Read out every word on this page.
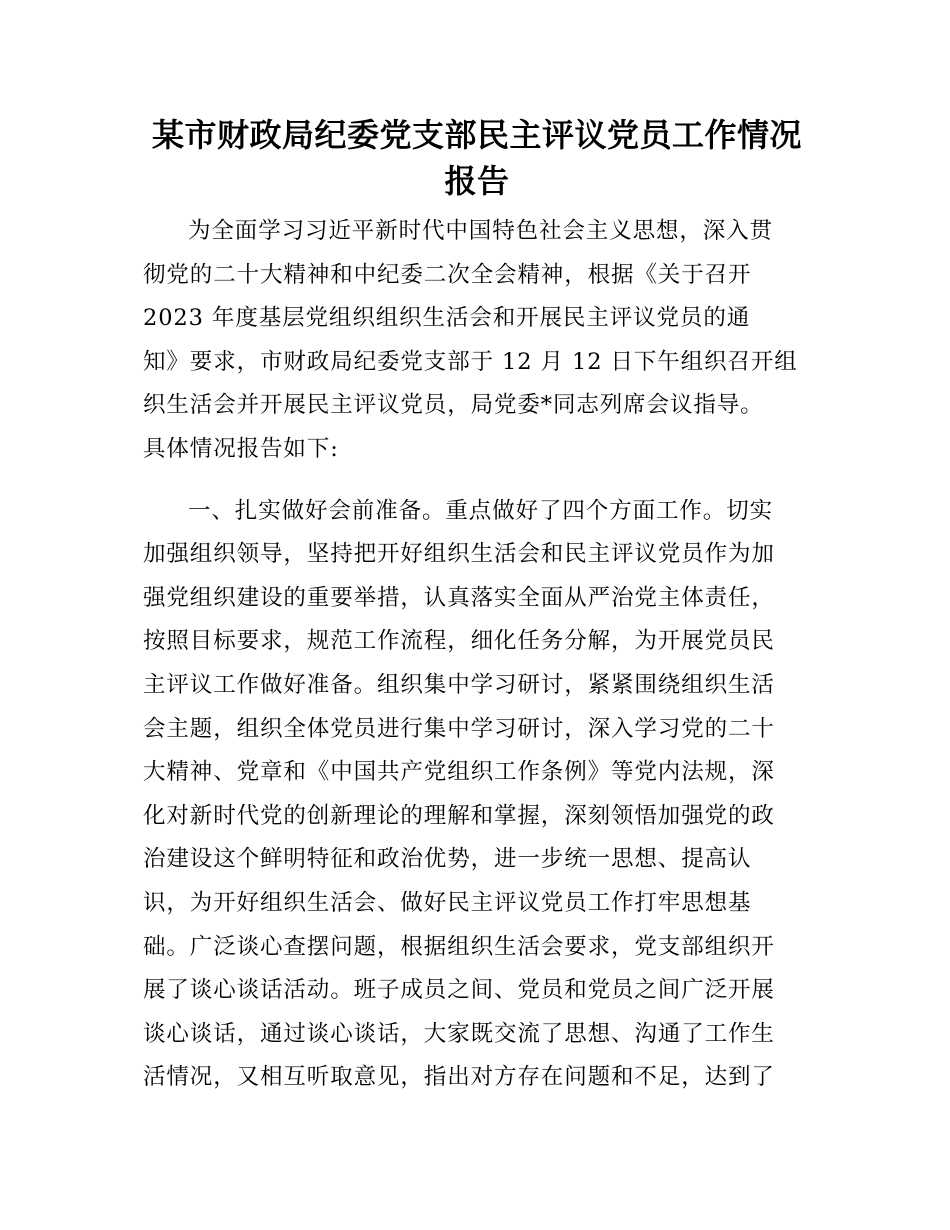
某市财政局纪委党支部民主评议党员工作情况
报告

为全面学习习近平新时代中国特色社会主义思想，深入贯
彻党的二十大精神和中纪委二次全会精神，根据《关于召开
2023 年度基层党组织组织生活会和开展民主评议党员的通
知》要求，市财政局纪委党支部于 12 月 12 日下午组织召开组
织生活会并开展民主评议党员，局党委*同志列席会议指导。
具体情况报告如下:

一、扎实做好会前准备。重点做好了四个方面工作。切实
加强组织领导，坚持把开好组织生活会和民主评议党员作为加
强党组织建设的重要举措，认真落实全面从严治党主体责任，
按照目标要求，规范工作流程，细化任务分解，为开展党员民
主评议工作做好准备。组织集中学习研讨，紧紧围绕组织生活
会主题，组织全体党员进行集中学习研讨，深入学习党的二十
大精神、党章和《中国共产党组织工作条例》等党内法规，深
化对新时代党的创新理论的理解和掌握，深刻领悟加强党的政
治建设这个鲜明特征和政治优势，进一步统一思想、提高认
识，为开好组织生活会、做好民主评议党员工作打牢思想基
础。广泛谈心查摆问题，根据组织生活会要求，党支部组织开
展了谈心谈话活动。班子成员之间、党员和党员之间广泛开展
谈心谈话，通过谈心谈话，大家既交流了思想、沟通了工作生
活情况，又相互听取意见，指出对方存在问题和不足，达到了
